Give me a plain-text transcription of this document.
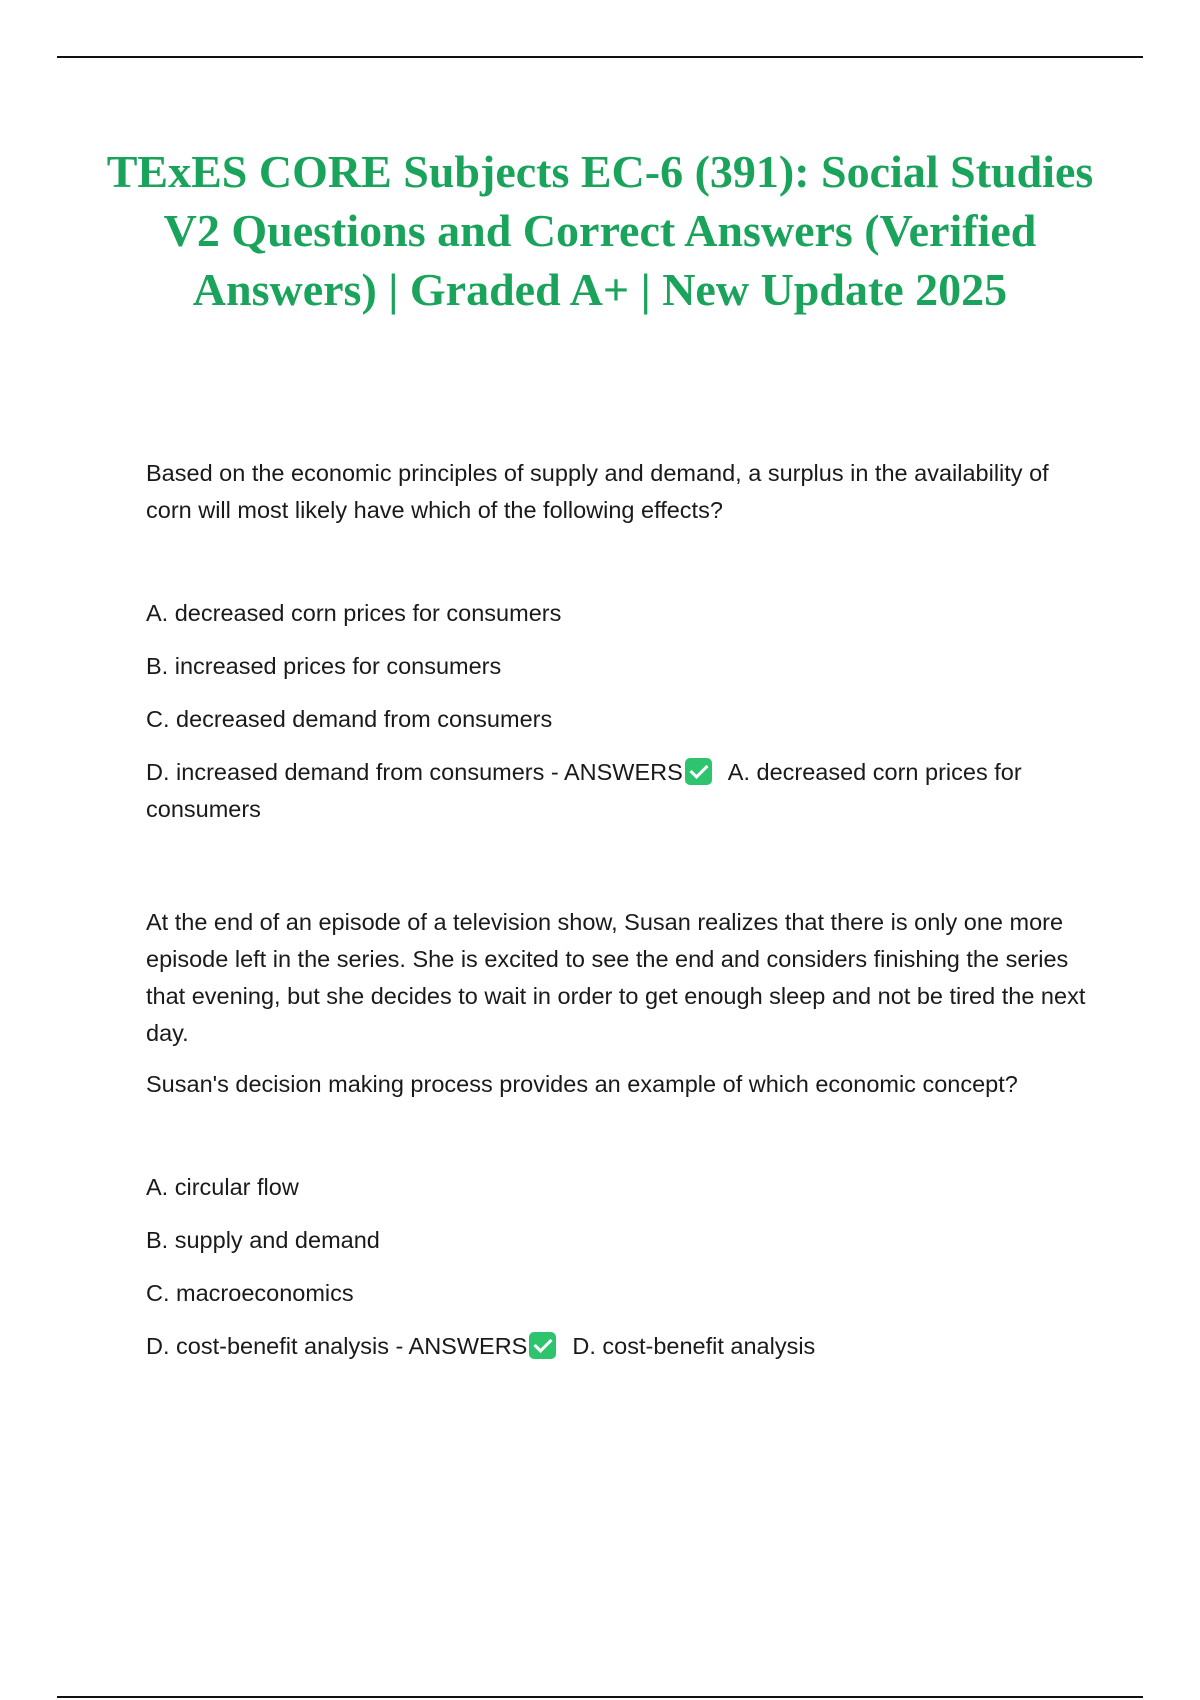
TExES CORE Subjects EC-6 (391): Social Studies V2 Questions and Correct Answers (Verified Answers) | Graded A+ | New Update 2025

Based on the economic principles of supply and demand, a surplus in the availability of corn will most likely have which of the following effects?

A. decreased corn prices for consumers

B. increased prices for consumers

C. decreased demand from consumers

D. increased demand from consumers - ANSWERS A. decreased corn prices for consumers

At the end of an episode of a television show, Susan realizes that there is only one more episode left in the series. She is excited to see the end and considers finishing the series that evening, but she decides to wait in order to get enough sleep and not be tired the next day.

Susan's decision making process provides an example of which economic concept?

A. circular flow

B. supply and demand

C. macroeconomics

D. cost-benefit analysis - ANSWERS D. cost-benefit analysis
